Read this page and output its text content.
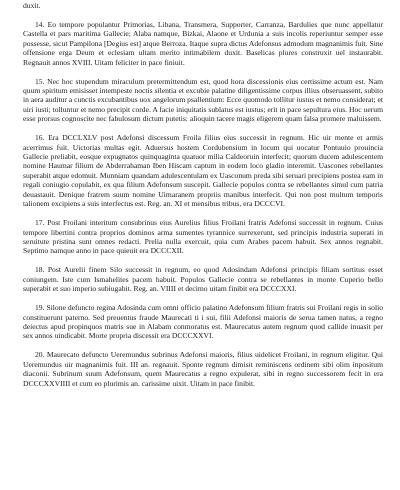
duxit.

14. Eo tempore populantur Primorias, Libana, Transmera, Supporter, Carranza, Bardulies que nunc appellatur Castella et pars maritima Gallecie; Alaba namque, Bizkai, Alaone et Urdunia a suis incolis reperiuntur semper esse possesse, sicut Pampilona [Degius est] atque Berroza. Itaque supra dictus Adefonsus admodum magnanimis fuit. Sine offensione erga Deum et eclesiam ultam merito intimabilem duxit. Baselicas plures construxit uel instaurabit. Regnauit annos XVIII. Uitam feliciter in pace finiuit.

15. Nec hoc stupendum miraculum pretermittendum est, quod hora discessionis eius certissime actum est. Nam quum spiritum emisisset intempeste noctis silentia et excubie palatine diligentissime corpus illius obseruassent, subito in aera auditur a cunctis excubantibus uox angelorum psallentium: Ecce quomodo tollitur iustus et nemo considerat; et uiri iusti; tolluntur et nemo precipit corde. A facie iniquitatis sublatus est iustus; erit in pace sepultura eius. Hoc uerum esse prorsus cognoscite nec fabulosum dictum putetis: alioquin tacere magis eligerem quam falsa promere maluissem.

16. Era DCCLXLV post Adefonsi discessum Froila filius eius successit in regnum. Hic uir mente et armis acerrimus fuit. Uictorias multas egit. Aduersus hostem Cordubensium in locum qui uocatur Pontuuio prouincia Gallecie preliabit, eosque expugnatos quinquaginta quatuor milia Caldeoruin interfecit; quorum ducem adulescentem nomine Haumar filium de Abderrahaman Iben Hiscam captum in eodem loco gladio interemit. Uascones rebellantes superabit atque edomuit. Munniam quandam adulescentulam ex Uasconum preda sibi seruari precipiens postea eam in regali coniugio copulabit, ex qua filium Adefonsum suscepit. Gallecie populos contra se rebellantes simul cum patria deuastauit. Denique fratrem suum nomine Uimaranem propriis manibus interfecit. Qui non post multum temporis talionem excipiens a suis interfectus est. Reg. an. XI et mensibus tribus, era DCCCVI.

17. Post Froilani interitum consubrinus eius Aurelius filius Froilani fratris Adefonsi successit in regnum. Cuius tempore libertini contra proprios dominos arma sumentes tyrannice surrexerunt, sed principis industria superati in seruitute pristina sunt omnes redacti. Prelia nulla exercuit, quia cum Arabes pacem habuit. Sex annos regnabit. Septimo namque anno in pace quieuit era DCCCXII.

18. Post Aurelii finem Silo successit in regnum, eo quod Adosindam Adefonsi principis filiam sortitus esset coniungem. Iste cum Ismahelites pacem habuit. Populos Gallecie contra se rebellantes in monte Cuperio bello superabit et suo imperio subiugabit. Reg. an. VIIII et decimo uitam finibit era DCCCXXI.

19. Silone defuncto regina Adosinda cum omni officio palatino Adefonsum filium fratris sui Froilani regis in solio constituerunt paterno. Sed preuentus fraude Maurecati ti i sui, filii Adefonsi maioris de serua tamen natus, a regno deiectus apud propinquos matris sue in Alabam conmoratus est. Maurecatus autem regnum quod callide inuasit per sex annos uindicabit. Morte propria discessit era DCCCXXVI.

20. Maurecato defuncto Ueremundus subrinus Adefonsi maioris, filius uidelicet Froilani, in regnum eligitur. Qui Ueremundus uir magnanimis fuit. III an. regnauit. Sponte regnum dimisit reminiscens ordinem sibi olim inpositum diaconii. Subrinum suum Adefonsum, quem Maurecatus a regno expulerat, sibi in regno successorem fecit in era DCCCXXVIIII et cum eo plurimis an. carissime uixit. Uitam in pace finibit.
